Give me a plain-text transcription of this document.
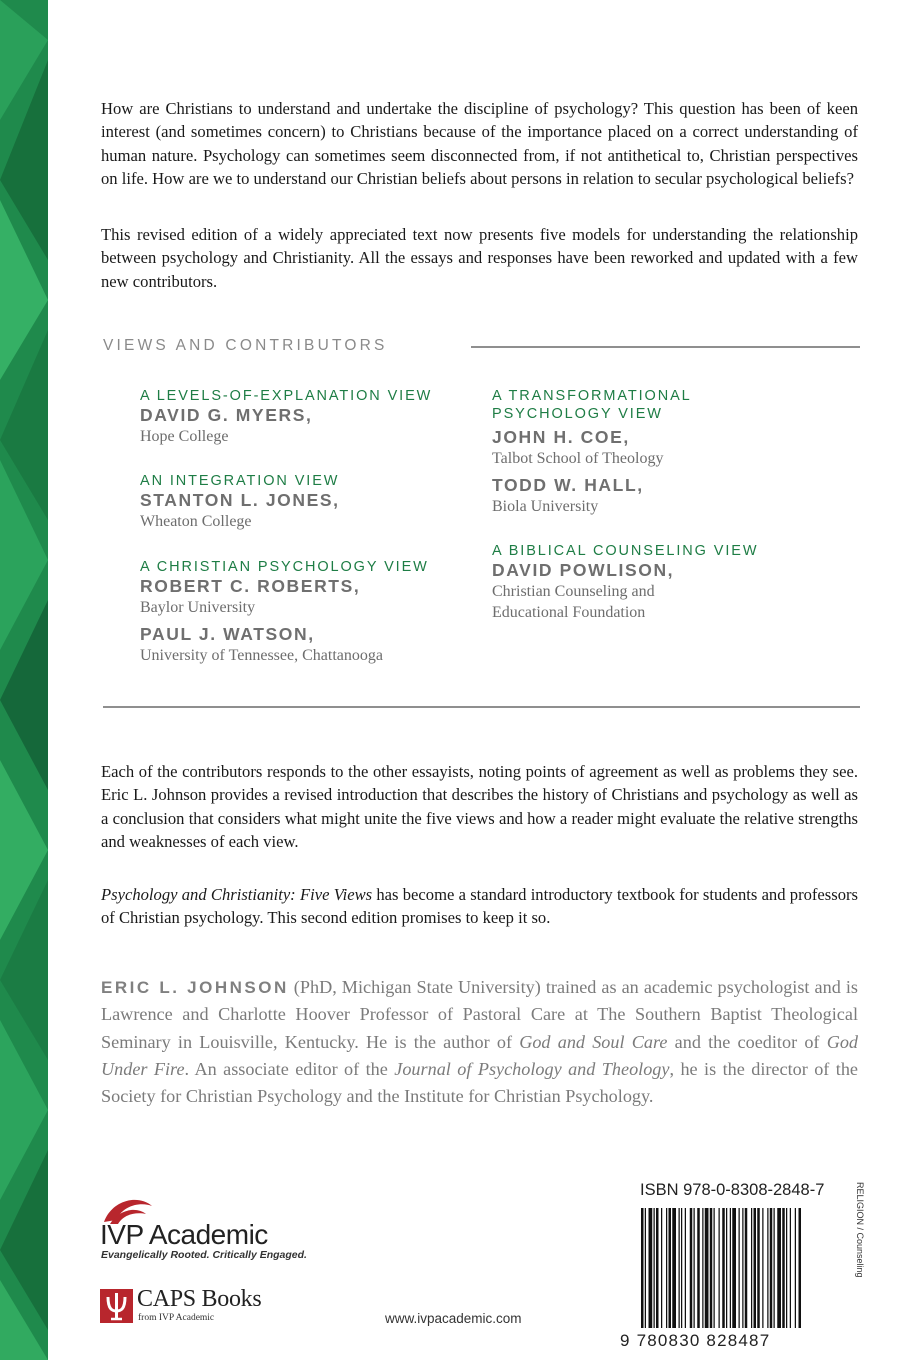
How are Christians to understand and undertake the discipline of psychology? This question has been of keen interest (and sometimes concern) to Christians because of the importance placed on a correct understanding of human nature. Psychology can sometimes seem disconnected from, if not antithetical to, Christian perspectives on life. How are we to understand our Christian beliefs about persons in relation to secular psychological beliefs?

This revised edition of a widely appreciated text now presents five models for understanding the relationship between psychology and Christianity. All the essays and responses have been reworked and updated with a few new contributors.

VIEWS AND CONTRIBUTORS
A LEVELS-OF-EXPLANATION VIEW
DAVID G. MYERS,
Hope College
AN INTEGRATION VIEW
STANTON L. JONES,
Wheaton College
A CHRISTIAN PSYCHOLOGY VIEW
ROBERT C. ROBERTS,
Baylor University
PAUL J. WATSON,
University of Tennessee, Chattanooga
A TRANSFORMATIONAL
PSYCHOLOGY VIEW
JOHN H. COE,
Talbot School of Theology
TODD W. HALL,
Biola University
A BIBLICAL COUNSELING VIEW
DAVID POWLISON,
Christian Counseling and
Educational Foundation

Each of the contributors responds to the other essayists, noting points of agreement as well as problems they see. Eric L. Johnson provides a revised introduction that describes the history of Christians and psychology as well as a conclusion that considers what might unite the five views and how a reader might evaluate the relative strengths and weaknesses of each view.

Psychology and Christianity: Five Views has become a standard introductory textbook for students and professors of Christian psychology. This second edition promises to keep it so.

ERIC L. JOHNSON (PhD, Michigan State University) trained as an academic psychologist and is Lawrence and Charlotte Hoover Professor of Pastoral Care at The Southern Baptist Theological Seminary in Louisville, Kentucky. He is the author of God and Soul Care and the coeditor of God Under Fire. An associate editor of the Journal of Psychology and Theology, he is the director of the Society for Christian Psychology and the Institute for Christian Psychology.

IVP Academic
Evangelically Rooted. Critically Engaged.
CAPS Books
from IVP Academic	www.ivpacademic.com
ISBN 978-0-8308-2848-7
9 780830 828487
RELIGION / Counseling
